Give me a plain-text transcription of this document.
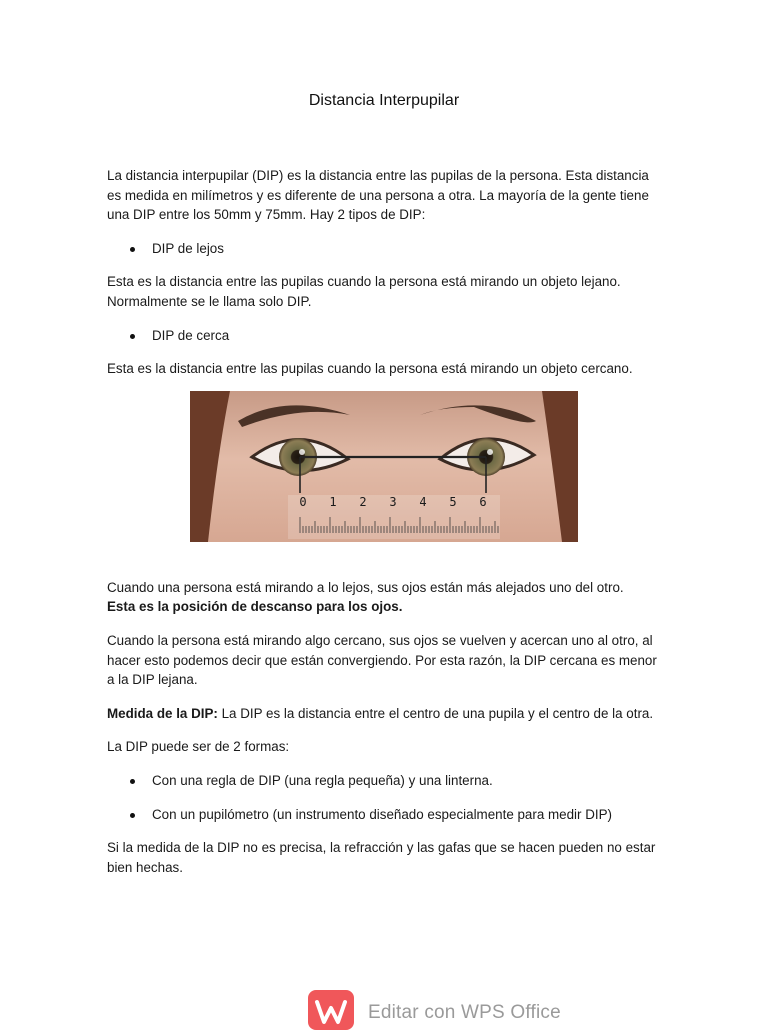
Distancia Interpupilar

La distancia interpupilar (DIP) es la distancia entre las pupilas de la persona. Esta distancia es medida en milímetros y es diferente de una persona a otra. La mayoría de la gente tiene una DIP entre los 50mm y 75mm. Hay 2 tipos de DIP:

DIP de lejos

Esta es la distancia entre las pupilas cuando la persona está mirando un objeto lejano. Normalmente se le llama solo DIP.

DIP de cerca

Esta es la distancia entre las pupilas cuando la persona está mirando un objeto cercano.

0 1 2 3 4 5 6

Cuando una persona está mirando a lo lejos, sus ojos están más alejados uno del otro.
Esta es la posición de descanso para los ojos.

Cuando la persona está mirando algo cercano, sus ojos se vuelven y acercan uno al otro, al hacer esto podemos decir que están convergiendo. Por esta razón, la DIP cercana es menor a la DIP lejana.

Medida de la DIP: La DIP es la distancia entre el centro de una pupila y el centro de la otra.

La DIP puede ser de 2 formas:

Con una regla de DIP (una regla pequeña) y una linterna.
Con un pupilómetro (un instrumento diseñado especialmente para medir DIP)

Si la medida de la DIP no es precisa, la refracción y las gafas que se hacen pueden no estar bien hechas.

Editar con WPS Office
